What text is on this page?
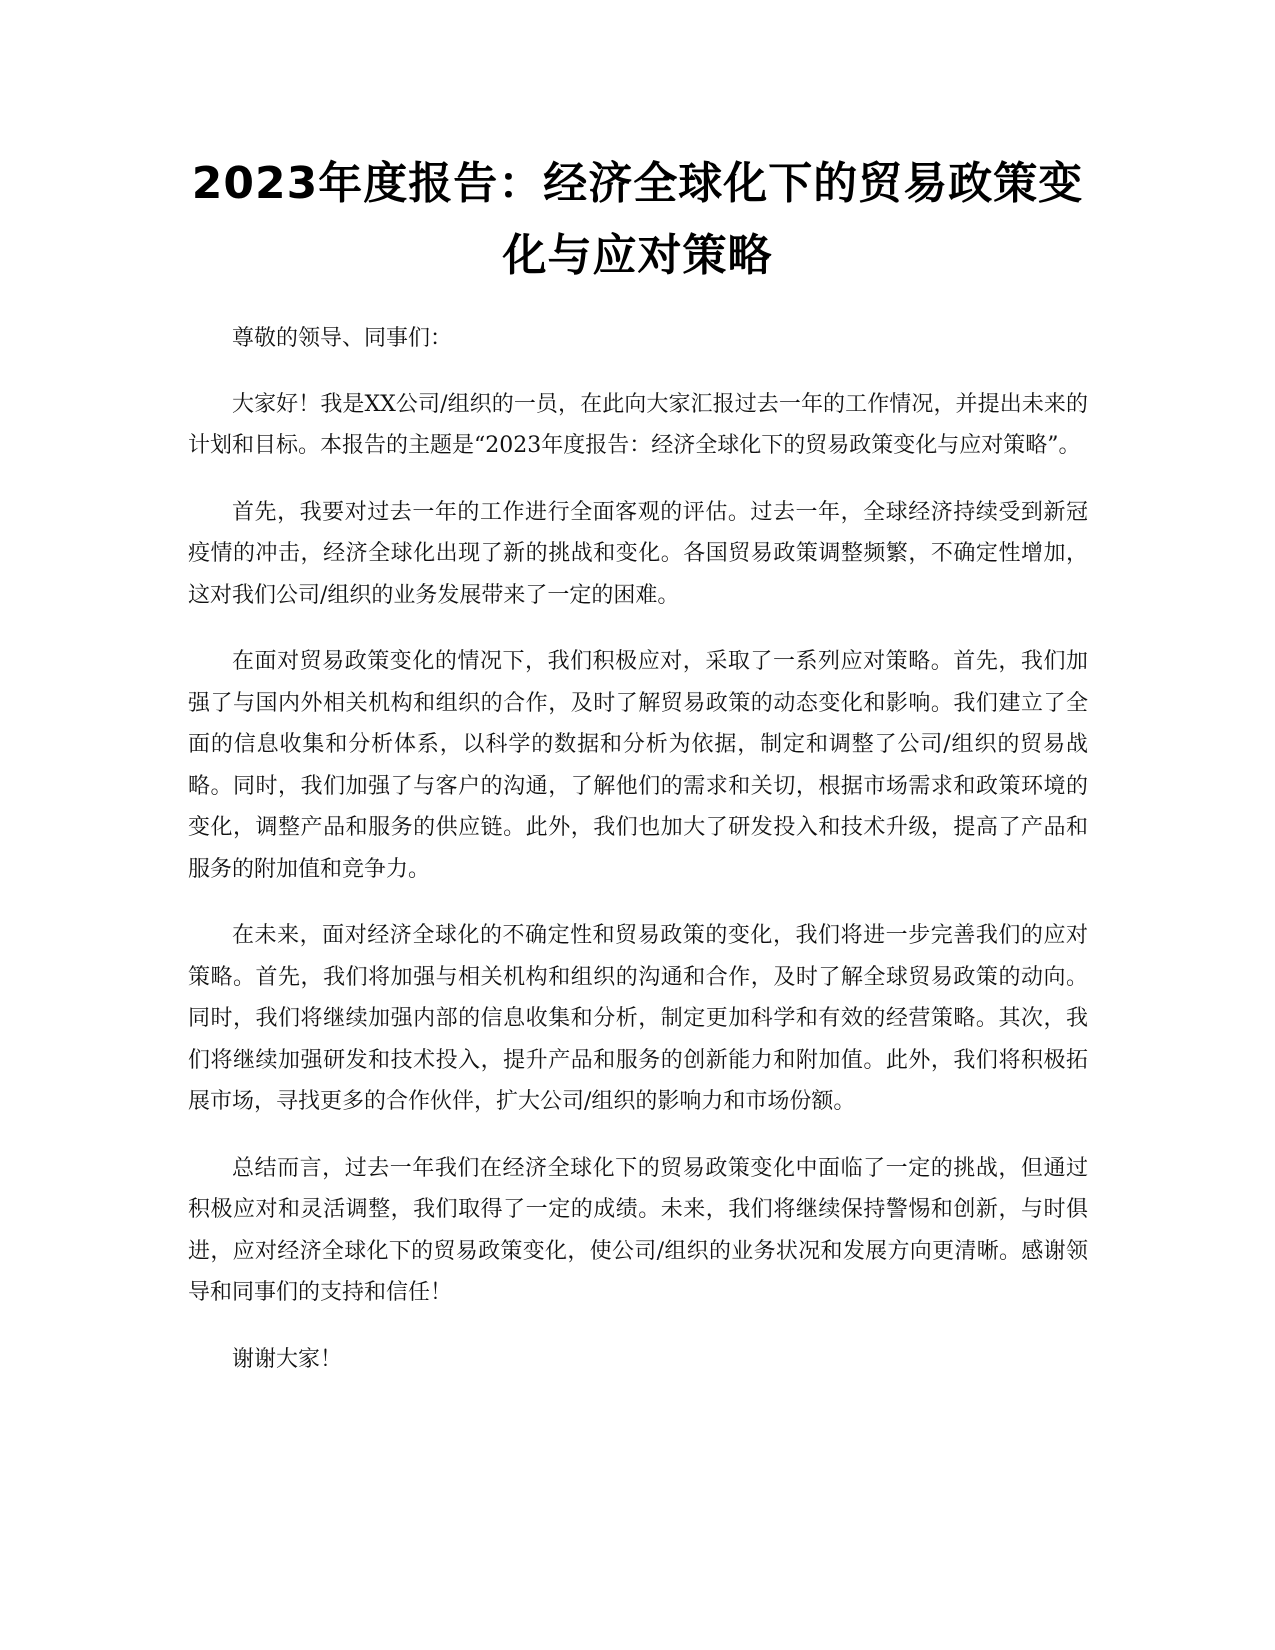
2023年度报告：经济全球化下的贸易政策变化与应对策略

尊敬的领导、同事们：

大家好！我是XX公司/组织的一员，在此向大家汇报过去一年的工作情况，并提出未来的计划和目标。本报告的主题是“2023年度报告：经济全球化下的贸易政策变化与应对策略”。

首先，我要对过去一年的工作进行全面客观的评估。过去一年，全球经济持续受到新冠疫情的冲击，经济全球化出现了新的挑战和变化。各国贸易政策调整频繁，不确定性增加，这对我们公司/组织的业务发展带来了一定的困难。

在面对贸易政策变化的情况下，我们积极应对，采取了一系列应对策略。首先，我们加强了与国内外相关机构和组织的合作，及时了解贸易政策的动态变化和影响。我们建立了全面的信息收集和分析体系，以科学的数据和分析为依据，制定和调整了公司/组织的贸易战略。同时，我们加强了与客户的沟通，了解他们的需求和关切，根据市场需求和政策环境的变化，调整产品和服务的供应链。此外，我们也加大了研发投入和技术升级，提高了产品和服务的附加值和竞争力。

在未来，面对经济全球化的不确定性和贸易政策的变化，我们将进一步完善我们的应对策略。首先，我们将加强与相关机构和组织的沟通和合作，及时了解全球贸易政策的动向。同时，我们将继续加强内部的信息收集和分析，制定更加科学和有效的经营策略。其次，我们将继续加强研发和技术投入，提升产品和服务的创新能力和附加值。此外，我们将积极拓展市场，寻找更多的合作伙伴，扩大公司/组织的影响力和市场份额。

总结而言，过去一年我们在经济全球化下的贸易政策变化中面临了一定的挑战，但通过积极应对和灵活调整，我们取得了一定的成绩。未来，我们将继续保持警惕和创新，与时俱进，应对经济全球化下的贸易政策变化，使公司/组织的业务状况和发展方向更清晰。感谢领导和同事们的支持和信任！

谢谢大家！
